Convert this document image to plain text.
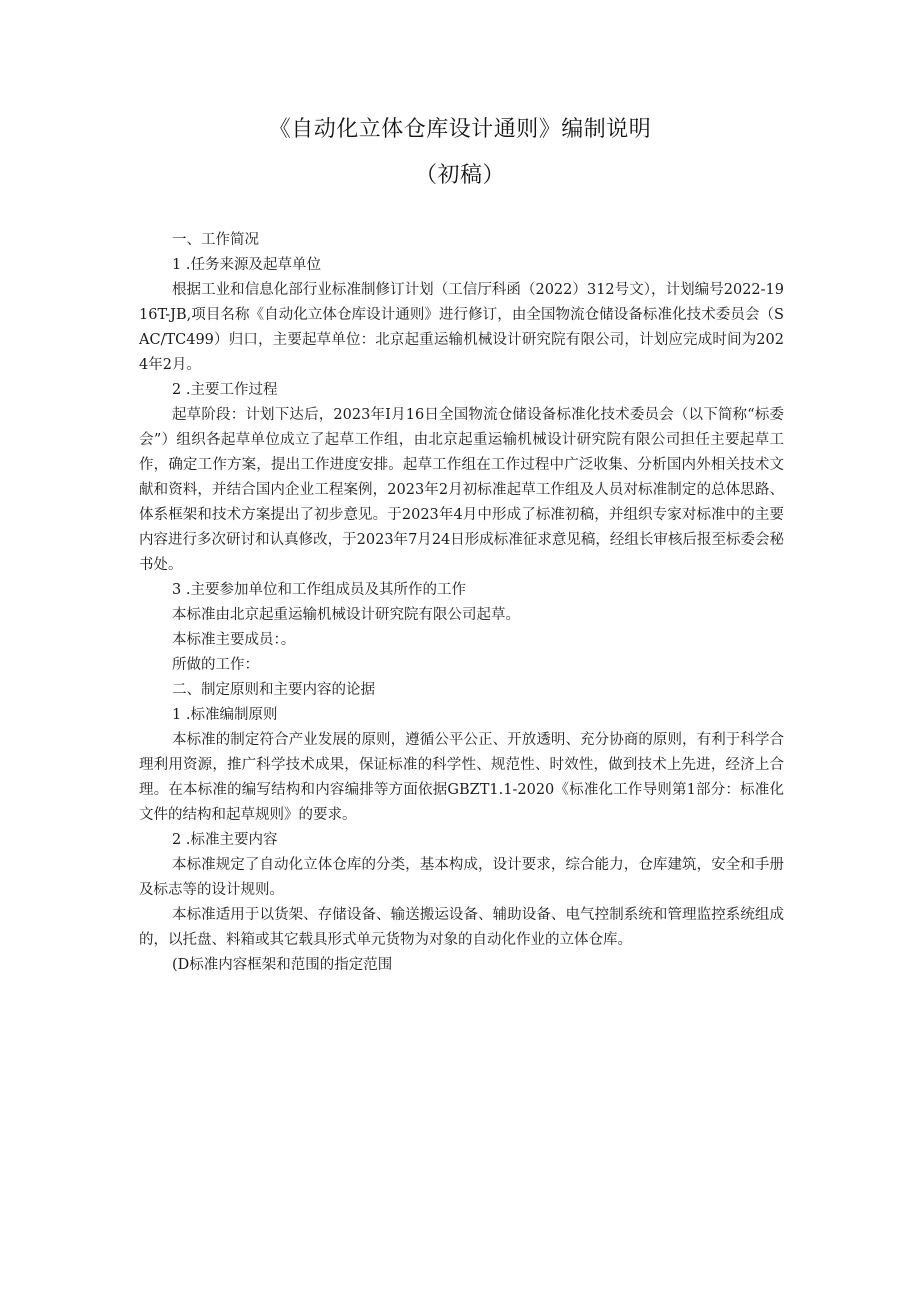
《自动化立体仓库设计通则》编制说明
（初稿）

一、工作简况

1 .任务来源及起草单位

根据工业和信息化部行业标准制修订计划（工信厅科函（2022）312号文），计划编号2022-1916T-JB,项目名称《自动化立体仓库设计通则》进行修订，由全国物流仓储设备标准化技术委员会（SAC/TC499）归口，主要起草单位：北京起重运输机械设计研究院有限公司，计划应完成时间为2024年2月。

2 .主要工作过程

起草阶段：计划下达后，2023年I月16日全国物流仓储设备标准化技术委员会（以下简称“标委会”）组织各起草单位成立了起草工作组，由北京起重运输机械设计研究院有限公司担任主要起草工作，确定工作方案，提出工作进度安排。起草工作组在工作过程中广泛收集、分析国内外相关技术文献和资料，并结合国内企业工程案例，2023年2月初标准起草工作组及人员对标准制定的总体思路、体系框架和技术方案提出了初步意见。于2023年4月中形成了标准初稿，并组织专家对标准中的主要内容进行多次研讨和认真修改，于2023年7月24日形成标准征求意见稿，经组长审核后报至标委会秘书处。

3 .主要参加单位和工作组成员及其所作的工作

本标准由北京起重运输机械设计研究院有限公司起草。

本标准主要成员：。

所做的工作：

二、制定原则和主要内容的论据

1 .标准编制原则

本标准的制定符合产业发展的原则，遵循公平公正、开放透明、充分协商的原则，有利于科学合理利用资源，推广科学技术成果，保证标准的科学性、规范性、时效性，做到技术上先进，经济上合理。在本标准的编写结构和内容编排等方面依据GBZT1.1-2020《标准化工作导则第1部分：标准化文件的结构和起草规则》的要求。

2 .标准主要内容

本标准规定了自动化立体仓库的分类，基本构成，设计要求，综合能力，仓库建筑，安全和手册及标志等的设计规则。

本标准适用于以货架、存储设备、输送搬运设备、辅助设备、电气控制系统和管理监控系统组成的，以托盘、料箱或其它载具形式单元货物为对象的自动化作业的立体仓库。

(D标准内容框架和范围的指定范围
